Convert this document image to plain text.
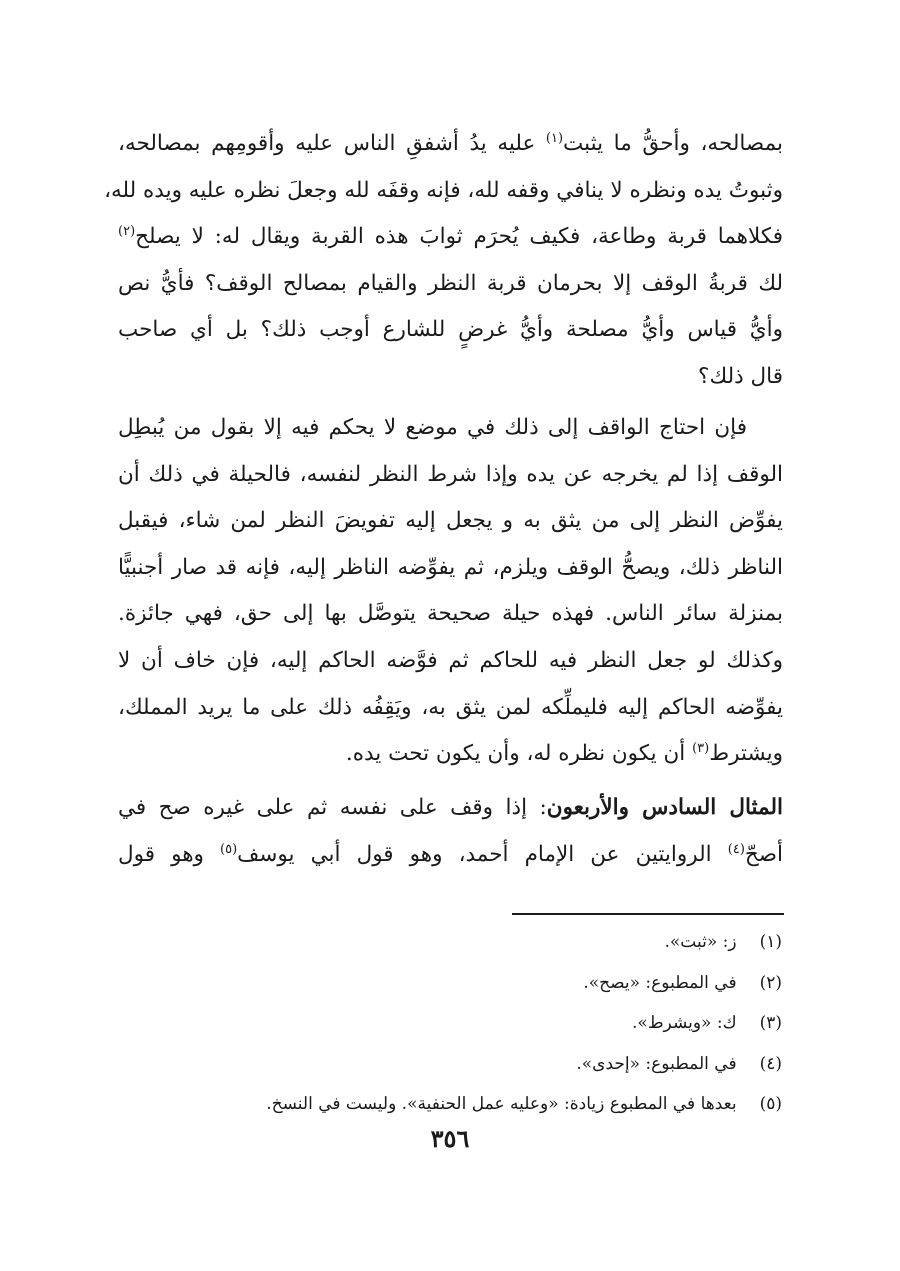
بمصالحه، وأحقُّ ما يثبت$^{(١)}$ عليه يدُ أشفقِ الناس عليه وأقومِهم بمصالحه،
وثبوتُ يده ونظره لا ينافي وقفه لله، فإنه وقفَه لله وجعلَ نظره عليه ويده لله،
فكلاهما قربة وطاعة، فكيف يُحرَم ثوابَ هذه القربة ويقال له: لا يصلح$^{(٢)}$
لك قربةُ الوقف إلا بحرمان قربة النظر والقيام بمصالح الوقف؟ فأيُّ نص
وأيُّ قياس وأيُّ مصلحة وأيُّ غرضٍ للشارع أوجب ذلك؟ بل أي صاحب
قال ذلك؟

فإن احتاج الواقف إلى ذلك في موضع لا يحكم فيه إلا بقول من يُبطِل
الوقف إذا لم يخرجه عن يده وإذا شرط النظر لنفسه، فالحيلة في ذلك أن
يفوِّض النظر إلى من يثق به و يجعل إليه تفويضَ النظر لمن شاء، فيقبل
الناظر ذلك، ويصحُّ الوقف ويلزم، ثم يفوِّضه الناظر إليه، فإنه قد صار أجنبيًّا
بمنزلة سائر الناس. فهذه حيلة صحيحة يتوصَّل بها إلى حق، فهي جائزة.
وكذلك لو جعل النظر فيه للحاكم ثم فوَّضه الحاكم إليه، فإن خاف أن لا
يفوِّضه الحاكم إليه فليملِّكه لمن يثق به، ويَقِفُه ذلك على ما يريد المملك،
ويشترط$^{(٣)}$ أن يكون نظره له، وأن يكون تحت يده.

المثال السادس والأربعون: إذا وقف على نفسه ثم على غيره صح في
أصحّ$^{(٤)}$ الروايتين عن الإمام أحمد، وهو قول أبي يوسف$^{(٥)}$ وهو قول

(١) ز: «ثبت».
(٢) في المطبوع: «يصح».
(٣) ك: «ويشرط».
(٤) في المطبوع: «إحدى».
(٥) بعدها في المطبوع زيادة: «وعليه عمل الحنفية». وليست في النسخ.
٣٥٦
